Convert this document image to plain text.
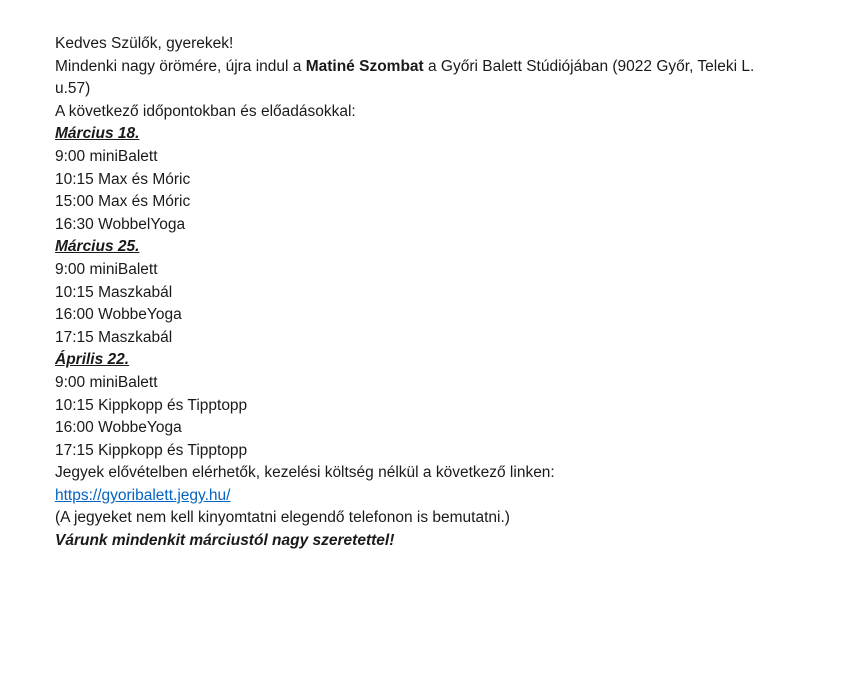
Kedves Szülők, gyerekek!

Mindenki nagy örömére, újra indul a Matiné Szombat a Győri Balett Stúdiójában (9022 Győr, Teleki L. u.57)

A következő időpontokban és előadásokkal:

Március 18.

9:00 miniBalett

10:15 Max és Móric

15:00 Max és Móric

16:30 WobbelYoga

Március 25.

9:00 miniBalett

10:15 Maszkabál

16:00 WobbeYoga

17:15 Maszkabál

Április 22.

9:00 miniBalett

10:15 Kippkopp és Tipptopp

16:00 WobbeYoga

17:15 Kippkopp és Tipptopp

Jegyek elővételben elérhetők, kezelési költség nélkül a következő linken:

https://gyoribalett.jegy.hu/

(A jegyeket nem kell kinyomtatni elegendő telefonon is bemutatni.)

Várunk mindenkit márciustól nagy szeretettel!
